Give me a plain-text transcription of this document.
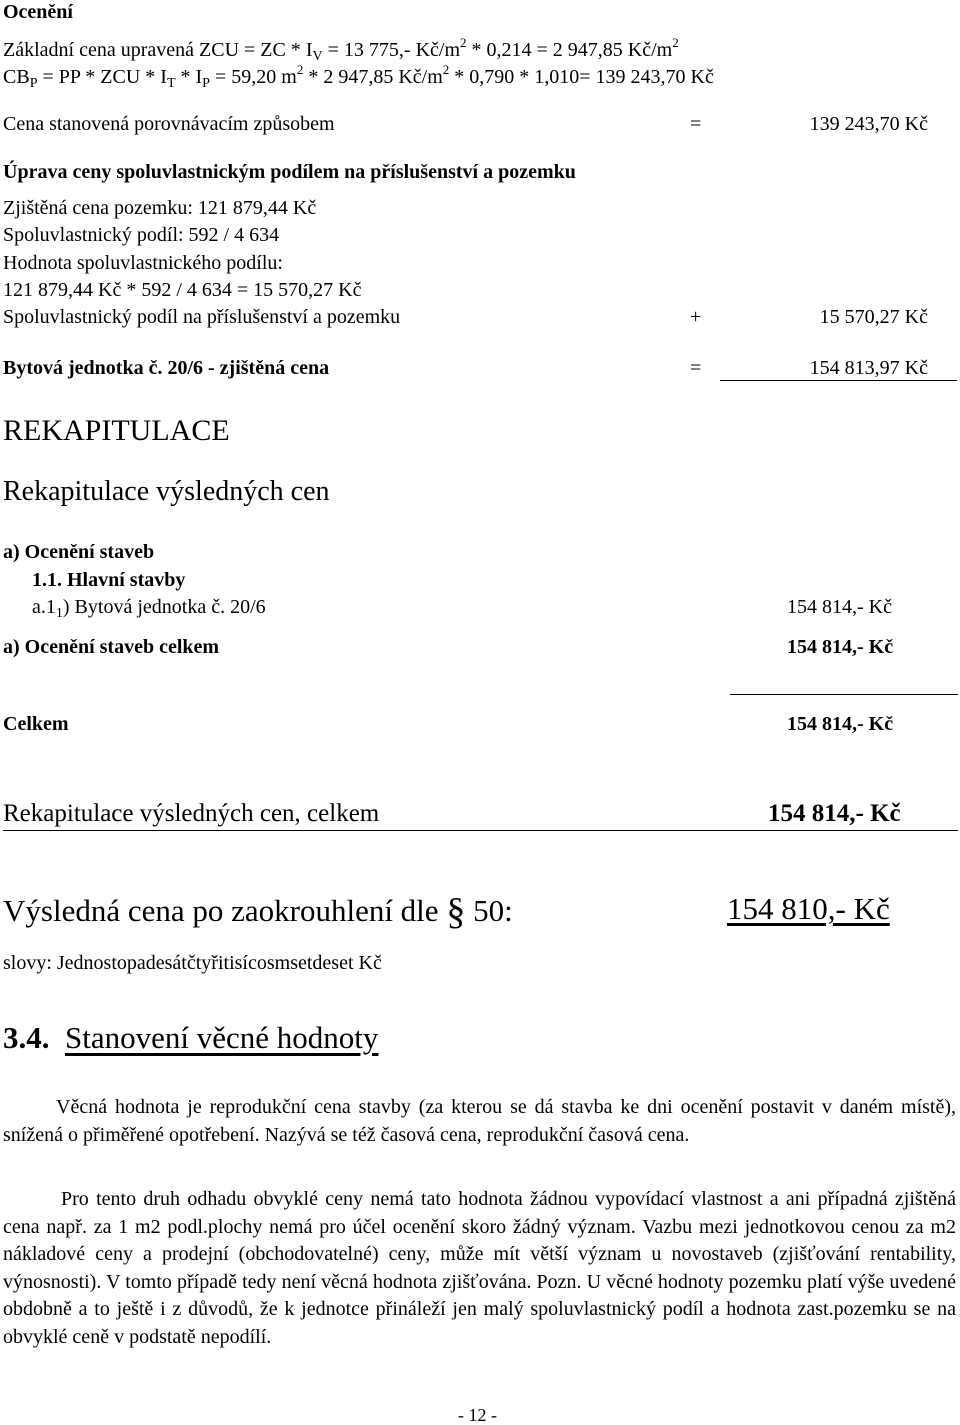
Ocenění
Základní cena upravená ZCU = ZC * $I_V = 13$ 775,- $Kč/m^2 * 0,214 = 2$ 947,85 $Kč/m^2$
$CB_P$ = PP * ZCU * $I_T * I_P = 59,20$ $m^2 * 2$ 947,85 $Kč/m^2 * 0,790 * 1,010= 139$ 243,70 Kč
Cena stanovená porovnávacím způsobem	=	139 243,70 Kč
Úprava ceny spoluvlastnickým podílem na příslušenství a pozemku
Zjištěná cena pozemku: 121 879,44 Kč
Spoluvlastnický podíl: 592 / 4 634
Hodnota spoluvlastnického podílu:
121 879,44 Kč * 592 / 4 634 = 15 570,27 Kč
Spoluvlastnický podíl na příslušenství a pozemku	+	15 570,27 Kč
Bytová jednotka č. 20/6 - zjištěná cena	=	154 813,97 Kč
REKAPITULACE
Rekapitulace výsledných cen
a) Ocenění staveb
1.1. Hlavní stavby
$a.1_1$) Bytová jednotka č. 20/6	154 814,- Kč
a) Ocenění staveb celkem	154 814,- Kč
Celkem	154 814,- Kč
Rekapitulace výsledných cen, celkem	154 814,- Kč
Výsledná cena po zaokrouhlení dle § 50:	154 810,- Kč
slovy: Jednostopadesátčtyřitisícosmsetdeset Kč
3.4. Stanovení věcné hodnoty
Věcná hodnota je reprodukční cena stavby (za kterou se dá stavba ke dni ocenění postavit v daném místě), snížená o přiměřené opotřebení. Nazývá se též časová cena, reprodukční časová cena.
Pro tento druh odhadu obvyklé ceny nemá tato hodnota žádnou vypovídací vlastnost a ani případná zjištěná cena např. za 1 m2 podl.plochy nemá pro účel ocenění skoro žádný význam. Vazbu mezi jednotkovou cenou za m2 nákladové ceny a prodejní (obchodovatelné) ceny, může mít větší význam u novostaveb (zjišťování rentability, výnosnosti). V tomto případě tedy není věcná hodnota zjišťována. Pozn. U věcné hodnoty pozemku platí výše uvedené obdobně a to ještě i z důvodů, že k jednotce přináleží jen malý spoluvlastnický podíl a hodnota zast.pozemku se na obvyklé ceně v podstatě nepodílí.
- 12 -
